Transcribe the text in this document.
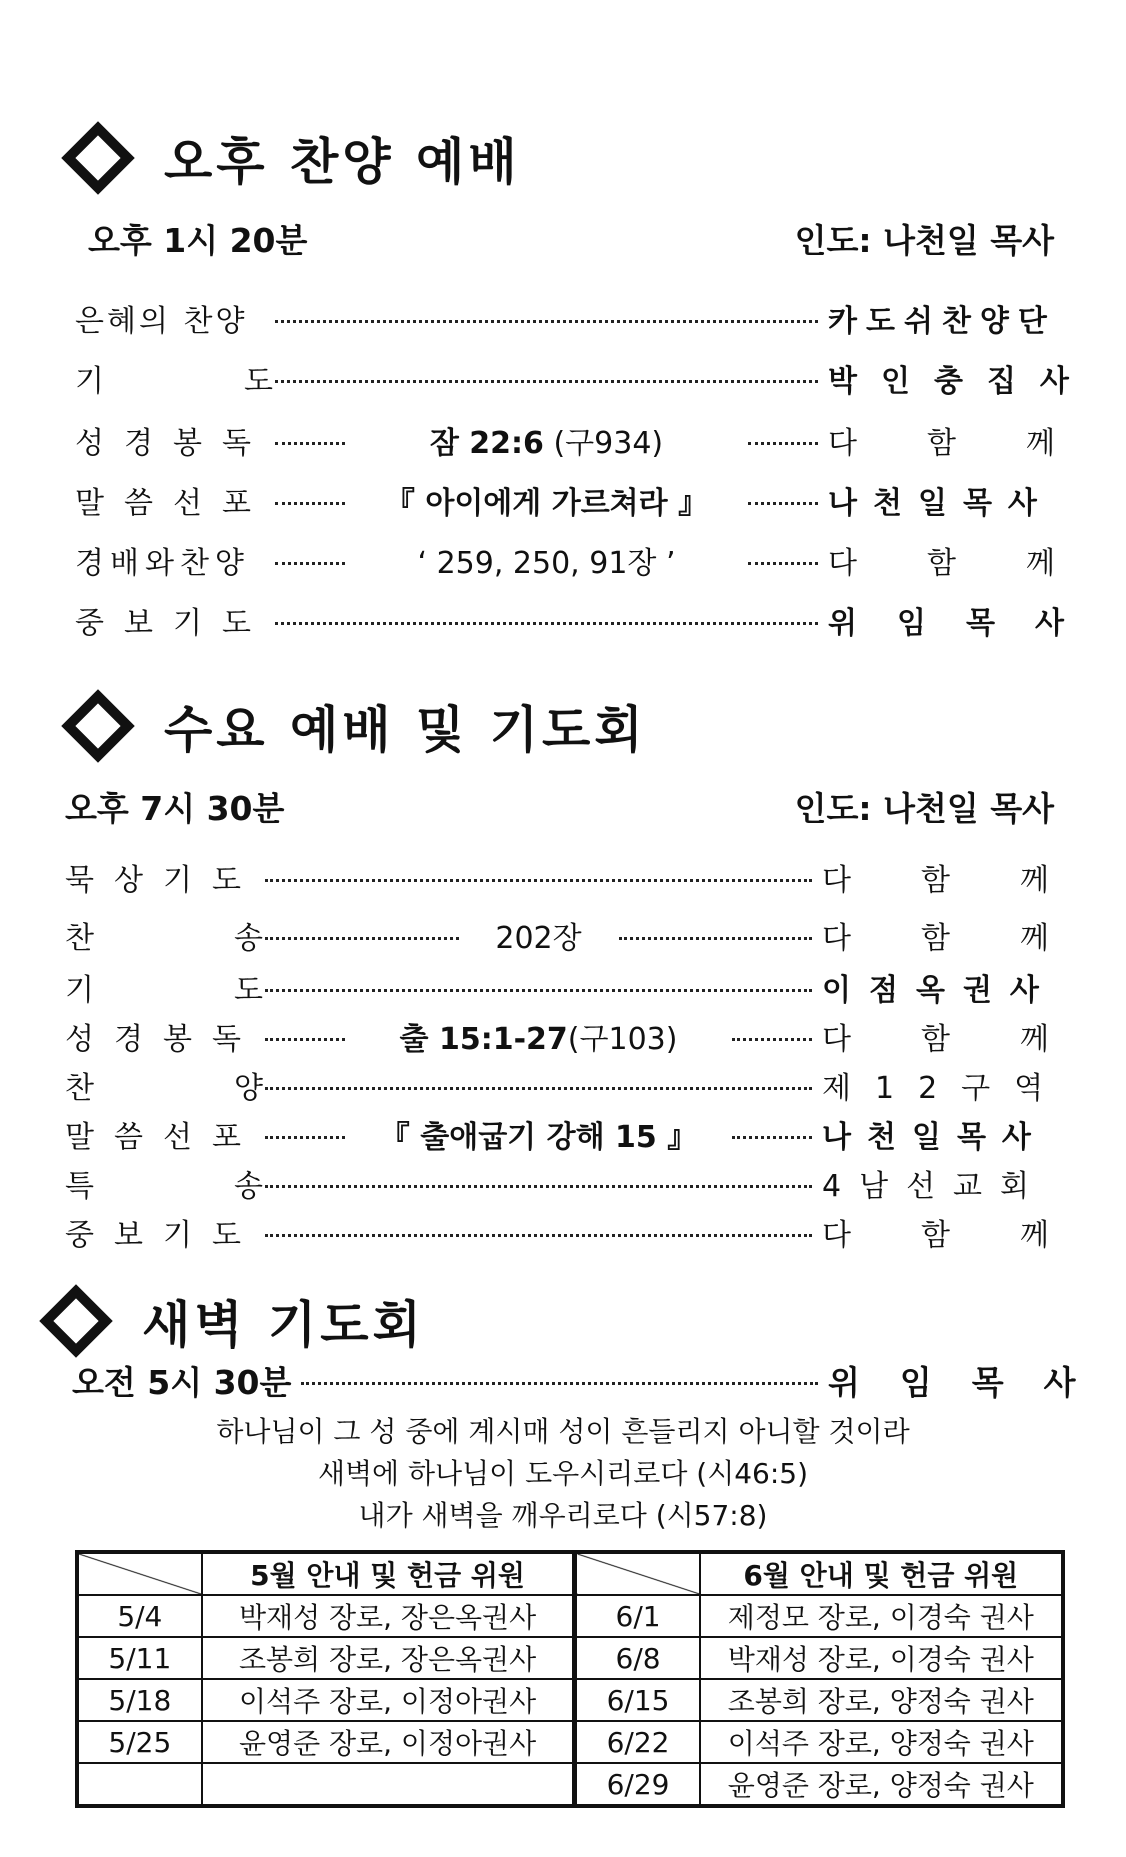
오후 찬양 예배
오후 1시 20분	인도: 나천일 목사
은혜의 찬양	카도쉬찬양단
기도	박인충집사
성경봉독	잠 22:6 (구934)	다함께
말씀선포	『 아이에게 가르쳐라 』	나천일목사
경배와찬양	‘ 259, 250, 91장 ’	다함께
중보기도	위임목사
수요 예배 및 기도회
오후 7시 30분	인도: 나천일 목사
묵상기도	다함께
찬송	202장	다함께
기도	이점옥권사
성경봉독	출 15:1-27(구103)	다함께
찬양	제12구역
말씀선포	『 출애굽기 강해 15 』	나천일목사
특송	4남선교회
중보기도	다함께
새벽 기도회
오전 5시 30분	위임목사
하나님이 그 성 중에 계시매 성이 흔들리지 아니할 것이라
새벽에 하나님이 도우시리로다 (시46:5)
내가 새벽을 깨우리로다 (시57:8)
	5월 안내 및 헌금 위원		6월 안내 및 헌금 위원
5/4	박재성 장로, 장은옥권사	6/1	제정모 장로, 이경숙 권사
5/11	조봉희 장로, 장은옥권사	6/8	박재성 장로, 이경숙 권사
5/18	이석주 장로, 이정아권사	6/15	조봉희 장로, 양정숙 권사
5/25	윤영준 장로, 이정아권사	6/22	이석주 장로, 양정숙 권사
		6/29	윤영준 장로, 양정숙 권사
